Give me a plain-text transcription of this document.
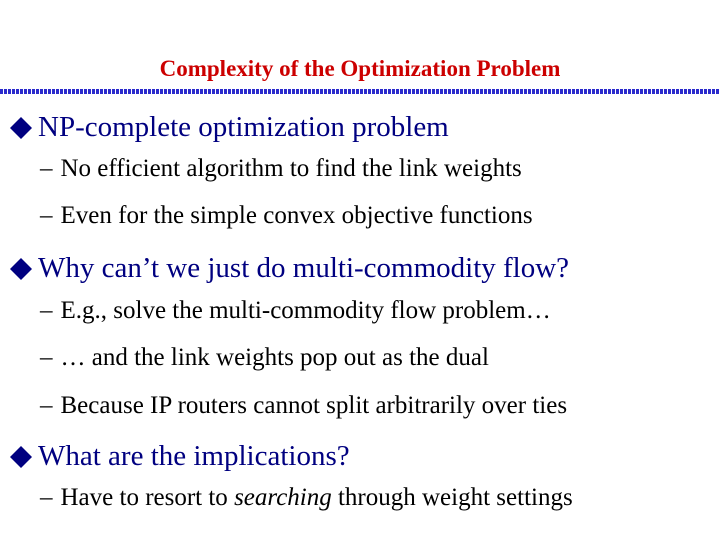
Complexity of the Optimization Problem
NP-complete optimization problem
– No efficient algorithm to find the link weights
– Even for the simple convex objective functions
Why can’t we just do multi-commodity flow?
– E.g., solve the multi-commodity flow problem…
– … and the link weights pop out as the dual
– Because IP routers cannot split arbitrarily over ties
What are the implications?
– Have to resort to searching through weight settings
